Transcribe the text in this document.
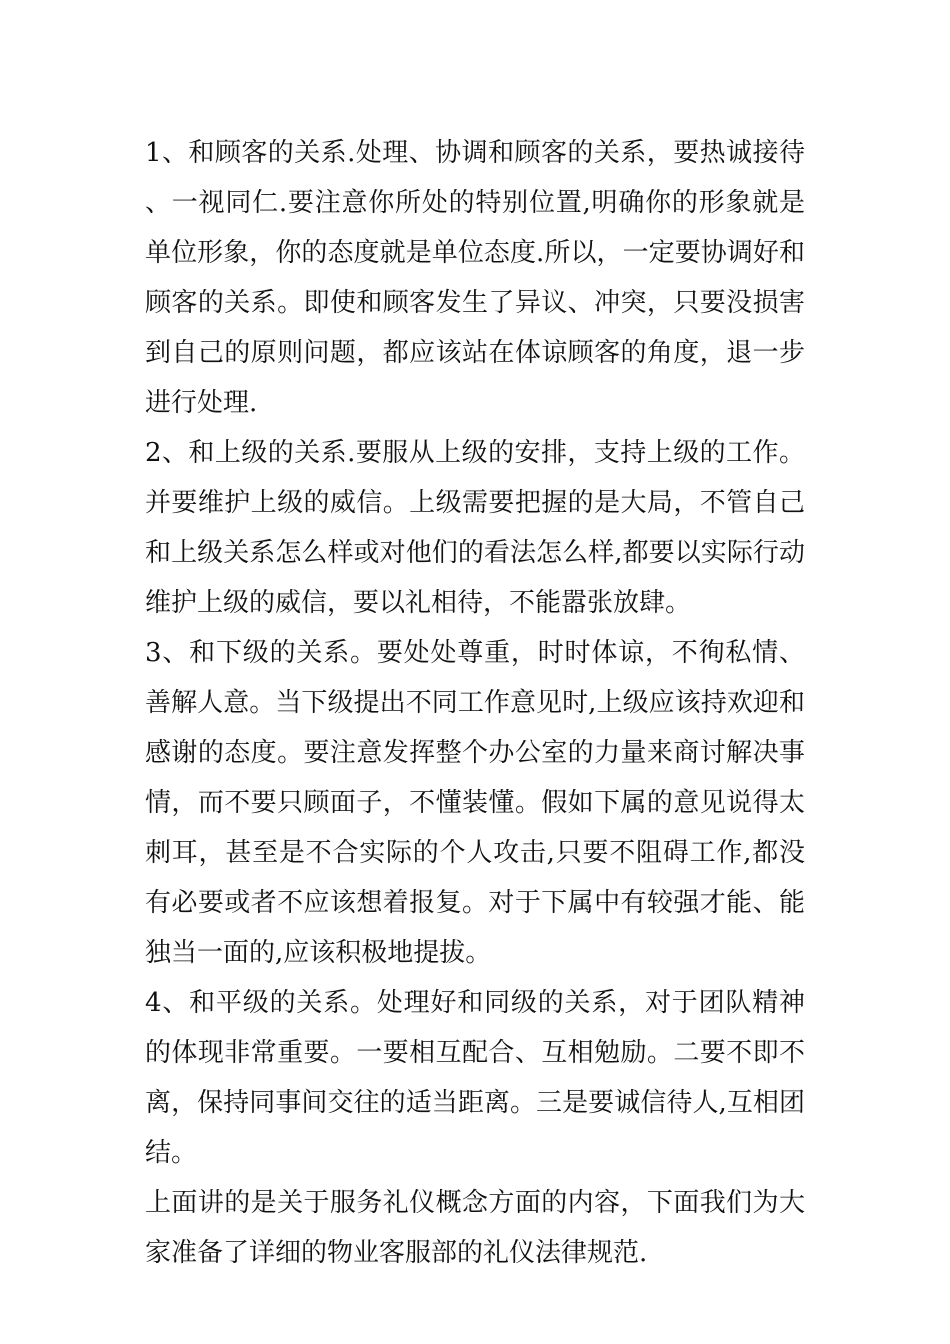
1、和顾客的关系.处理、协调和顾客的关系，要热诚接待、一视同仁.要注意你所处的特别位置,明确你的形象就是单位形象，你的态度就是单位态度.所以，一定要协调好和顾客的关系。即使和顾客发生了异议、冲突，只要没损害到自己的原则问题，都应该站在体谅顾客的角度，退一步进行处理.

2、和上级的关系.要服从上级的安排，支持上级的工作。并要维护上级的威信。上级需要把握的是大局，不管自己和上级关系怎么样或对他们的看法怎么样,都要以实际行动维护上级的威信，要以礼相待，不能嚣张放肆。

3、和下级的关系。要处处尊重，时时体谅，不徇私情、善解人意。当下级提出不同工作意见时,上级应该持欢迎和感谢的态度。要注意发挥整个办公室的力量来商讨解决事情，而不要只顾面子，不懂装懂。假如下属的意见说得太刺耳，甚至是不合实际的个人攻击,只要不阻碍工作,都没有必要或者不应该想着报复。对于下属中有较强才能、能独当一面的,应该积极地提拔。

4、和平级的关系。处理好和同级的关系，对于团队精神的体现非常重要。一要相互配合、互相勉励。二要不即不离，保持同事间交往的适当距离。三是要诚信待人,互相团结。

上面讲的是关于服务礼仪概念方面的内容，下面我们为大家准备了详细的物业客服部的礼仪法律规范.
